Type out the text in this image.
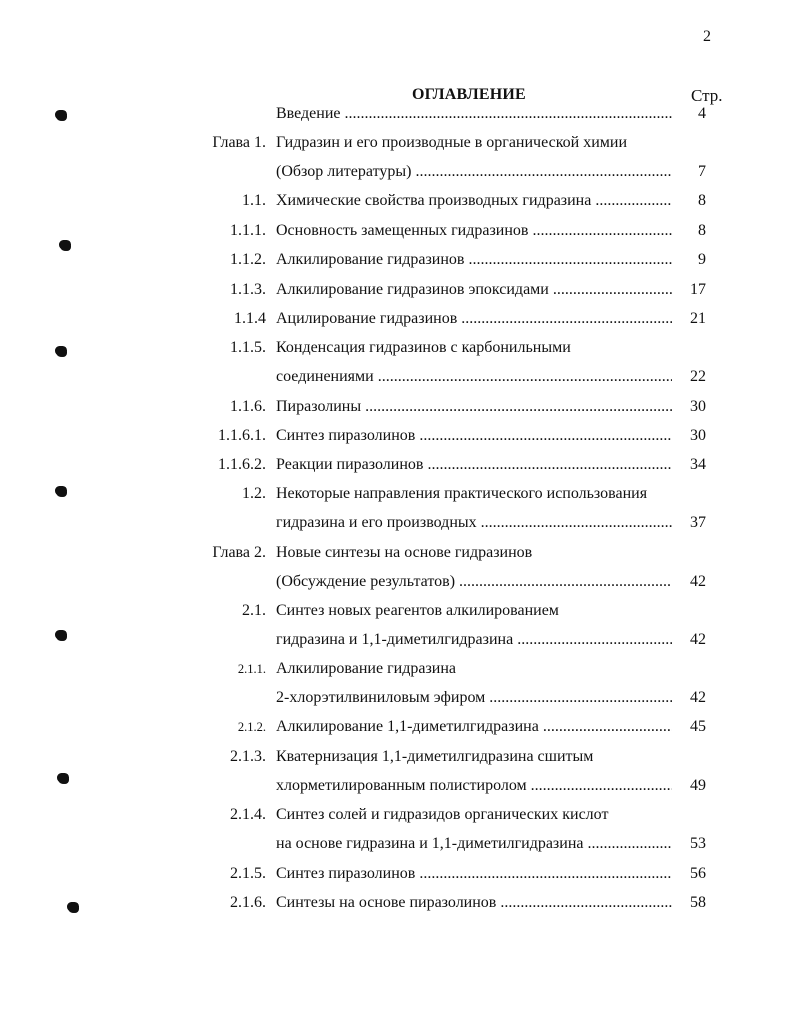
2
ОГЛАВЛЕНИЕ	Стр.
Введение .....	4
Глава 1. Гидразин и его производные в органической химии
(Обзор литературы) .....	7
1.1. Химические свойства производных гидразина .....	8
1.1.1. Основность замещенных гидразинов .....	8
1.1.2. Алкилирование гидразинов .....	9
1.1.3. Алкилирование гидразинов эпоксидами .....	17
1.1.4 Ацилирование гидразинов .....	21
1.1.5. Конденсация гидразинов с карбонильными
соединениями .....	22
1.1.6. Пиразолины .....	30
1.1.6.1. Синтез пиразолинов .....	30
1.1.6.2. Реакции пиразолинов .....	34
1.2. Некоторые направления практического использования
гидразина и его производных .....	37
Глава 2. Новые синтезы на основе гидразинов
(Обсуждение результатов) .....	42
2.1. Синтез новых реагентов алкилированием
гидразина и 1,1-диметилгидразина .....	42
2.1.1. Алкилирование гидразина
2-хлорэтилвиниловым эфиром .....	42
2.1.2. Алкилирование 1,1-диметилгидразина .....	45
2.1.3. Кватернизация 1,1-диметилгидразина сшитым
хлорметилированным полистиролом .....	49
2.1.4. Синтез солей и гидразидов органических кислот
на основе гидразина и 1,1-диметилгидразина .....	53
2.1.5. Синтез пиразолинов .....	56
2.1.6. Синтезы на основе пиразолинов .....	58
